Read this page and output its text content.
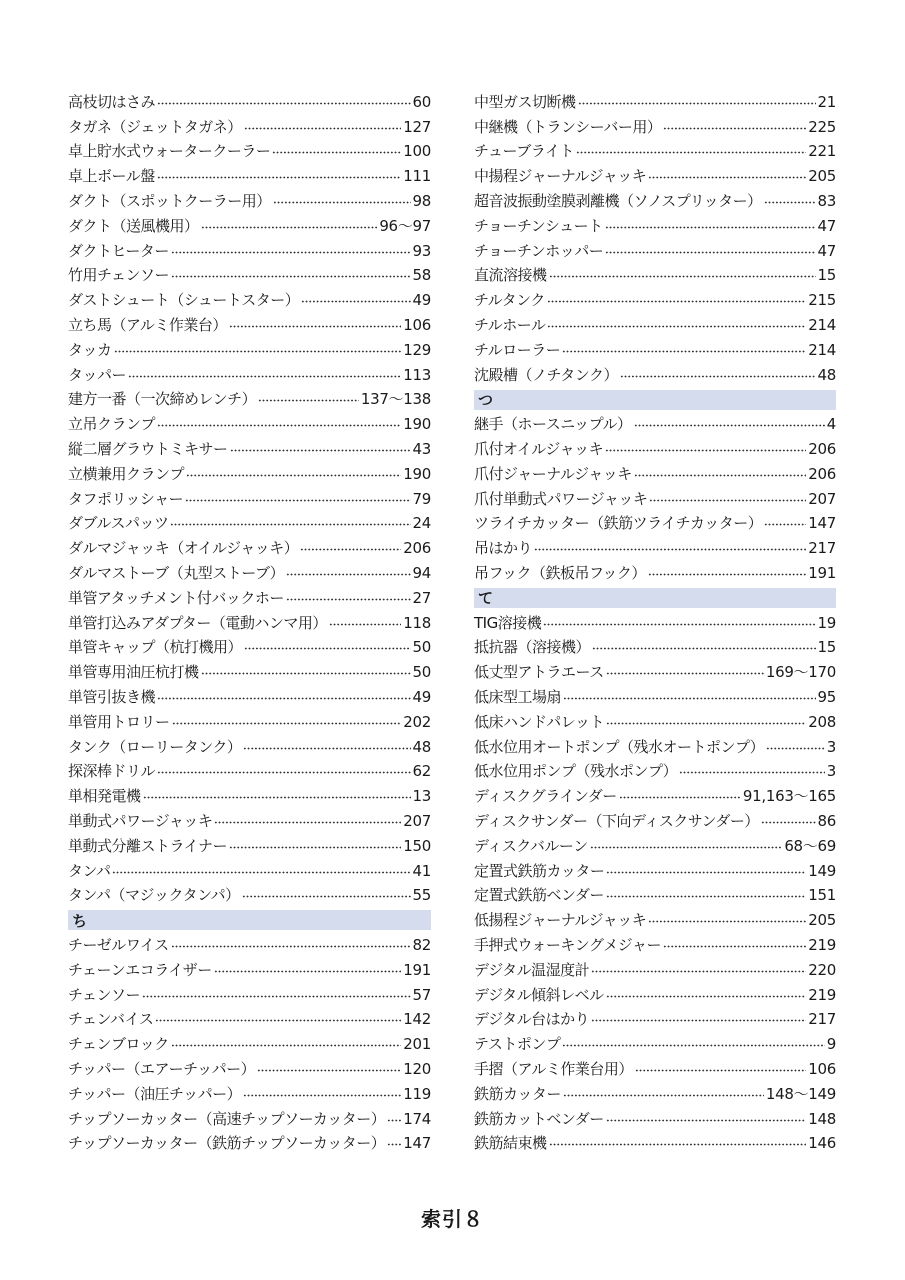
高枝切はさみ	60
タガネ（ジェットタガネ）	127
卓上貯水式ウォータークーラー	100
卓上ボール盤	111
ダクト（スポットクーラー用）	98
ダクト（送風機用）	96〜97
ダクトヒーター	93
竹用チェンソー	58
ダストシュート（シュートスター）	49
立ち馬（アルミ作業台）	106
タッカ	129
タッパー	113
建方一番（一次締めレンチ）	137〜138
立吊クランプ	190
縦二層グラウトミキサー	43
立横兼用クランプ	190
タフポリッシャー	79
ダブルスパッツ	24
ダルマジャッキ（オイルジャッキ）	206
ダルマストーブ（丸型ストーブ）	94
単管アタッチメント付バックホー	27
単管打込みアダプター（電動ハンマ用）	118
単管キャップ（杭打機用）	50
単管専用油圧杭打機	50
単管引抜き機	49
単管用トロリー	202
タンク（ローリータンク）	48
探深棒ドリル	62
単相発電機	13
単動式パワージャッキ	207
単動式分離ストライナー	150
タンパ	41
タンパ（マジックタンパ）	55
ち
チーゼルワイス	82
チェーンエコライザー	191
チェンソー	57
チェンバイス	142
チェンブロック	201
チッパー（エアーチッパー）	120
チッパー（油圧チッパー）	119
チップソーカッター（高速チップソーカッター） 174
チップソーカッター（鉄筋チップソーカッター） 147
中型ガス切断機	21
中継機（トランシーバー用）	225
チューブライト	221
中揚程ジャーナルジャッキ	205
超音波振動塗膜剥離機（ソノスプリッター）	83
チョーチンシュート	47
チョーチンホッパー	47
直流溶接機	15
チルタンク	215
チルホール	214
チルローラー	214
沈殿槽（ノチタンク）	48
つ
継手（ホースニップル）	4
爪付オイルジャッキ	206
爪付ジャーナルジャッキ	206
爪付単動式パワージャッキ	207
ツライチカッター（鉄筋ツライチカッター）	147
吊はかり	217
吊フック（鉄板吊フック）	191
て
TIG溶接機	19
抵抗器（溶接機）	15
低丈型アトラエース	169〜170
低床型工場扇	95
低床ハンドパレット	208
低水位用オートポンプ（残水オートポンプ）	3
低水位用ポンプ（残水ポンプ）	3
ディスクグラインダー	91,163〜165
ディスクサンダー（下向ディスクサンダー）	86
ディスクバルーン	68〜69
定置式鉄筋カッター	149
定置式鉄筋ベンダー	151
低揚程ジャーナルジャッキ	205
手押式ウォーキングメジャー	219
デジタル温湿度計	220
デジタル傾斜レベル	219
デジタル台はかり	217
テストポンプ	9
手摺（アルミ作業台用）	106
鉄筋カッター	148〜149
鉄筋カットベンダー	148
鉄筋結束機	146
索引８
